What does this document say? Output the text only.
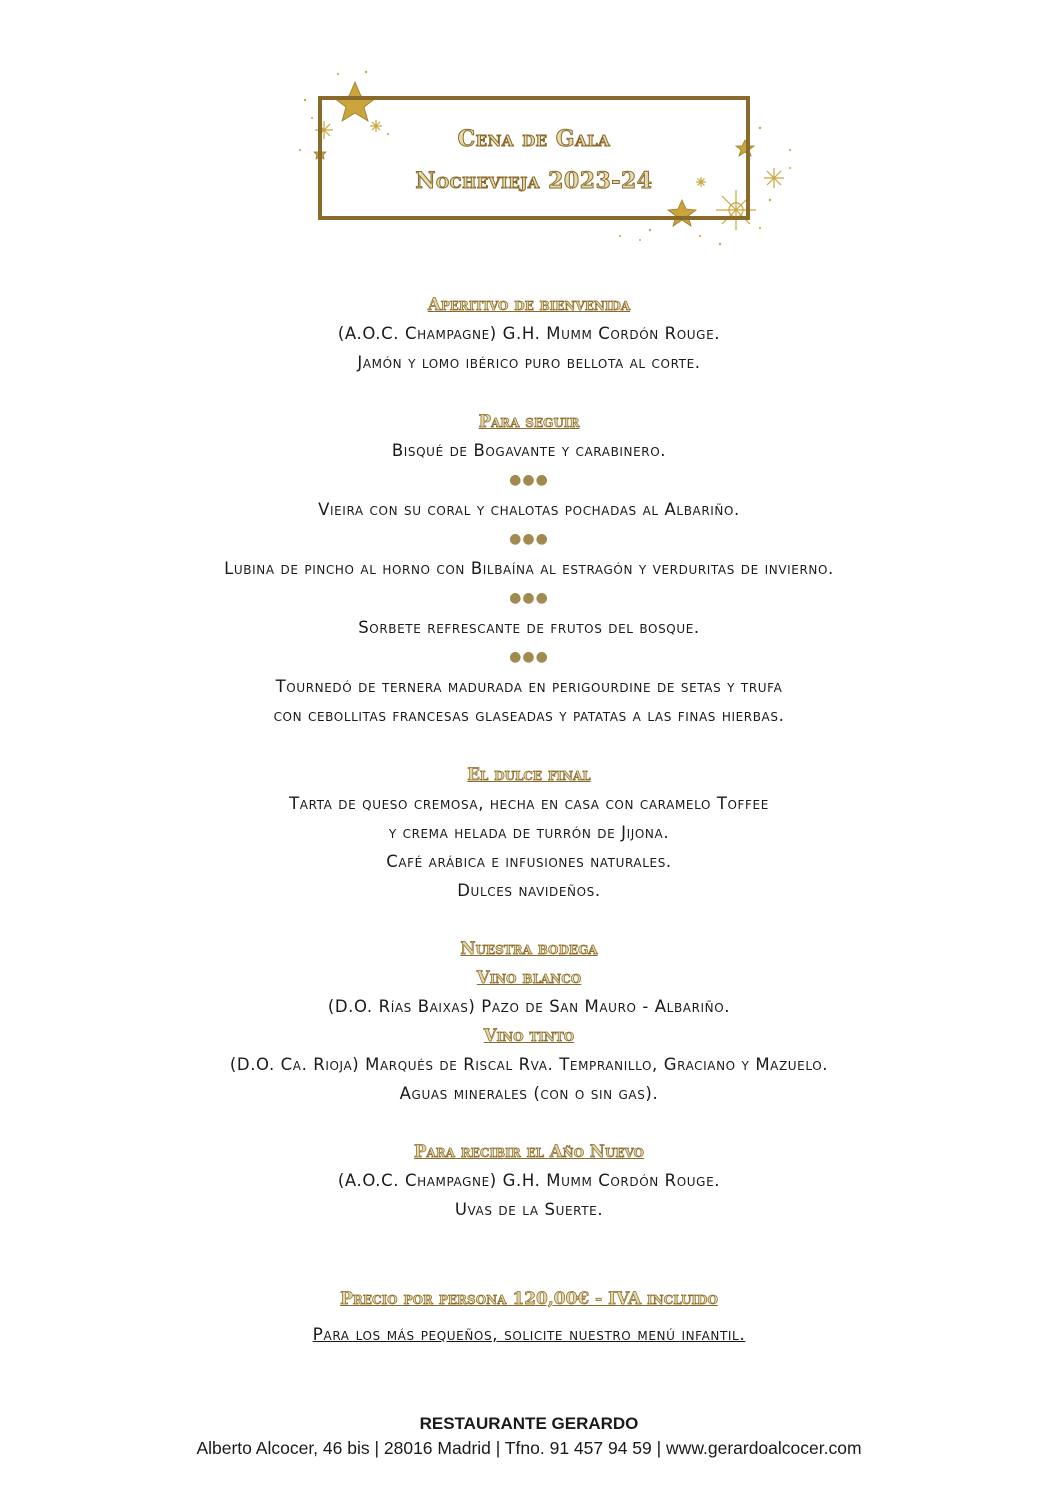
Cena de Gala
Nochevieja 2023-24
Aperitivo de bienvenida
(A.O.C. Champagne) G.H. Mumm Cordón Rouge.
Jamón y lomo ibérico puro bellota al corte.
Para seguir
Bisqué de Bogavante y carabinero.
●●●
Vieira con su coral y chalotas pochadas al Albariño.
●●●
Lubina de pincho al horno con Bilbaína al estragón y verduritas de invierno.
●●●
Sorbete refrescante de frutos del bosque.
●●●
Tournedó de ternera madurada en perigourdine de setas y trufa
con cebollitas francesas glaseadas y patatas a las finas hierbas.
El dulce final
Tarta de queso cremosa, hecha en casa con caramelo Toffee
y crema helada de turrón de Jijona.
Café arábica e infusiones naturales.
Dulces navideños.
Nuestra bodega
Vino blanco
(D.O. Rías Baixas) Pazo de San Mauro - Albariño.
Vino tinto
(D.O. Ca. Rioja) Marqués de Riscal Rva. Tempranillo, Graciano y Mazuelo.
Aguas minerales (con o sin gas).
Para recibir el Año Nuevo
(A.O.C. Champagne) G.H. Mumm Cordón Rouge.
Uvas de la Suerte.
Precio por persona 120,00€ - IVA incluido
Para los más pequeños, solicite nuestro menú infantil.
RESTAURANTE GERARDO
Alberto Alcocer, 46 bis | 28016 Madrid | Tfno. 91 457 94 59 | www.gerardoalcocer.com
